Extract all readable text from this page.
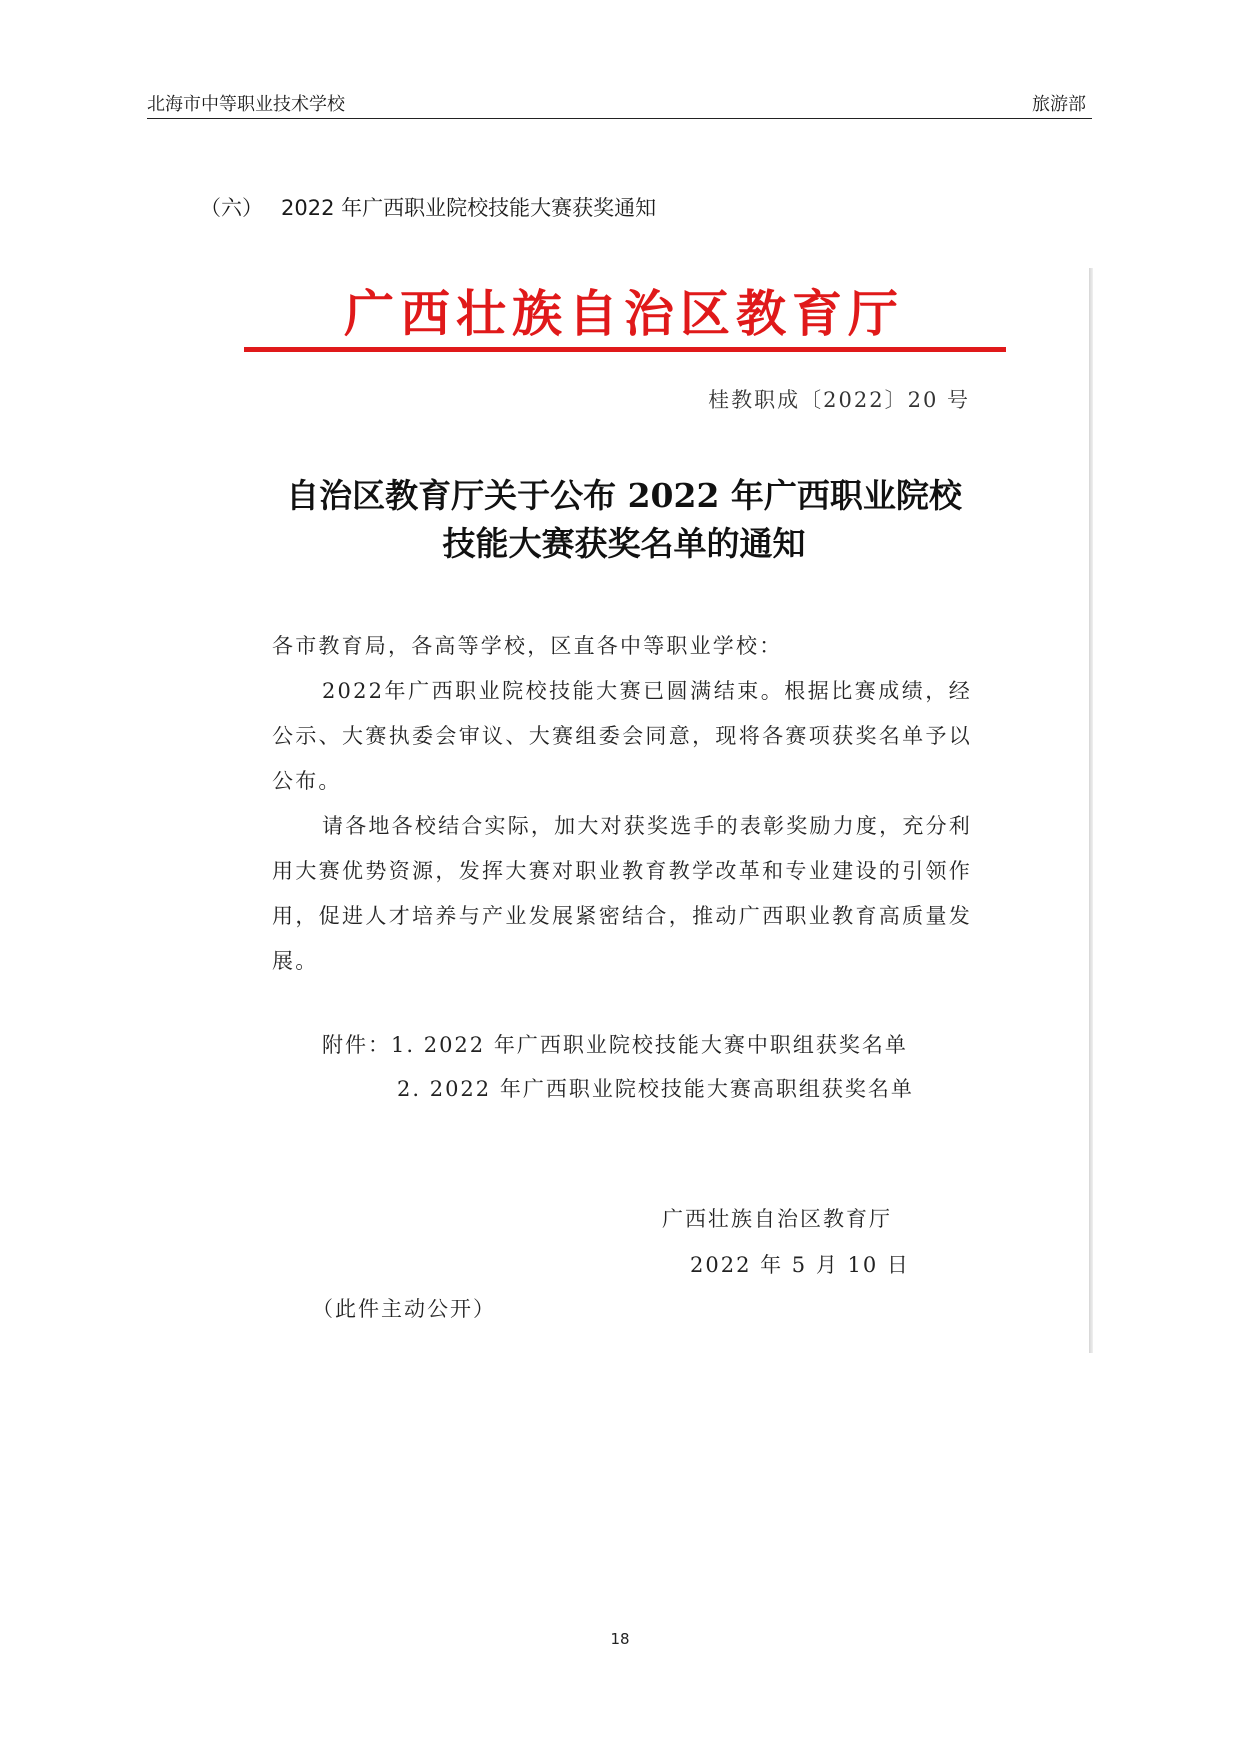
北海市中等职业技术学校	旅游部
（六） 2022 年广西职业院校技能大赛获奖通知
广西壮族自治区教育厅
桂教职成〔2022〕20 号
自治区教育厅关于公布 2022 年广西职业院校
技能大赛获奖名单的通知

各市教育局，各高等学校，区直各中等职业学校：

2022年广西职业院校技能大赛已圆满结束。根据比赛成绩，经公示、大赛执委会审议、大赛组委会同意，现将各赛项获奖名单予以公布。

请各地各校结合实际，加大对获奖选手的表彰奖励力度，充分利用大赛优势资源，发挥大赛对职业教育教学改革和专业建设的引领作用，促进人才培养与产业发展紧密结合，推动广西职业教育高质量发展。

附件：1. 2022 年广西职业院校技能大赛中职组获奖名单
2. 2022 年广西职业院校技能大赛高职组获奖名单
广西壮族自治区教育厅
2022 年 5 月 10 日
（此件主动公开）
18
